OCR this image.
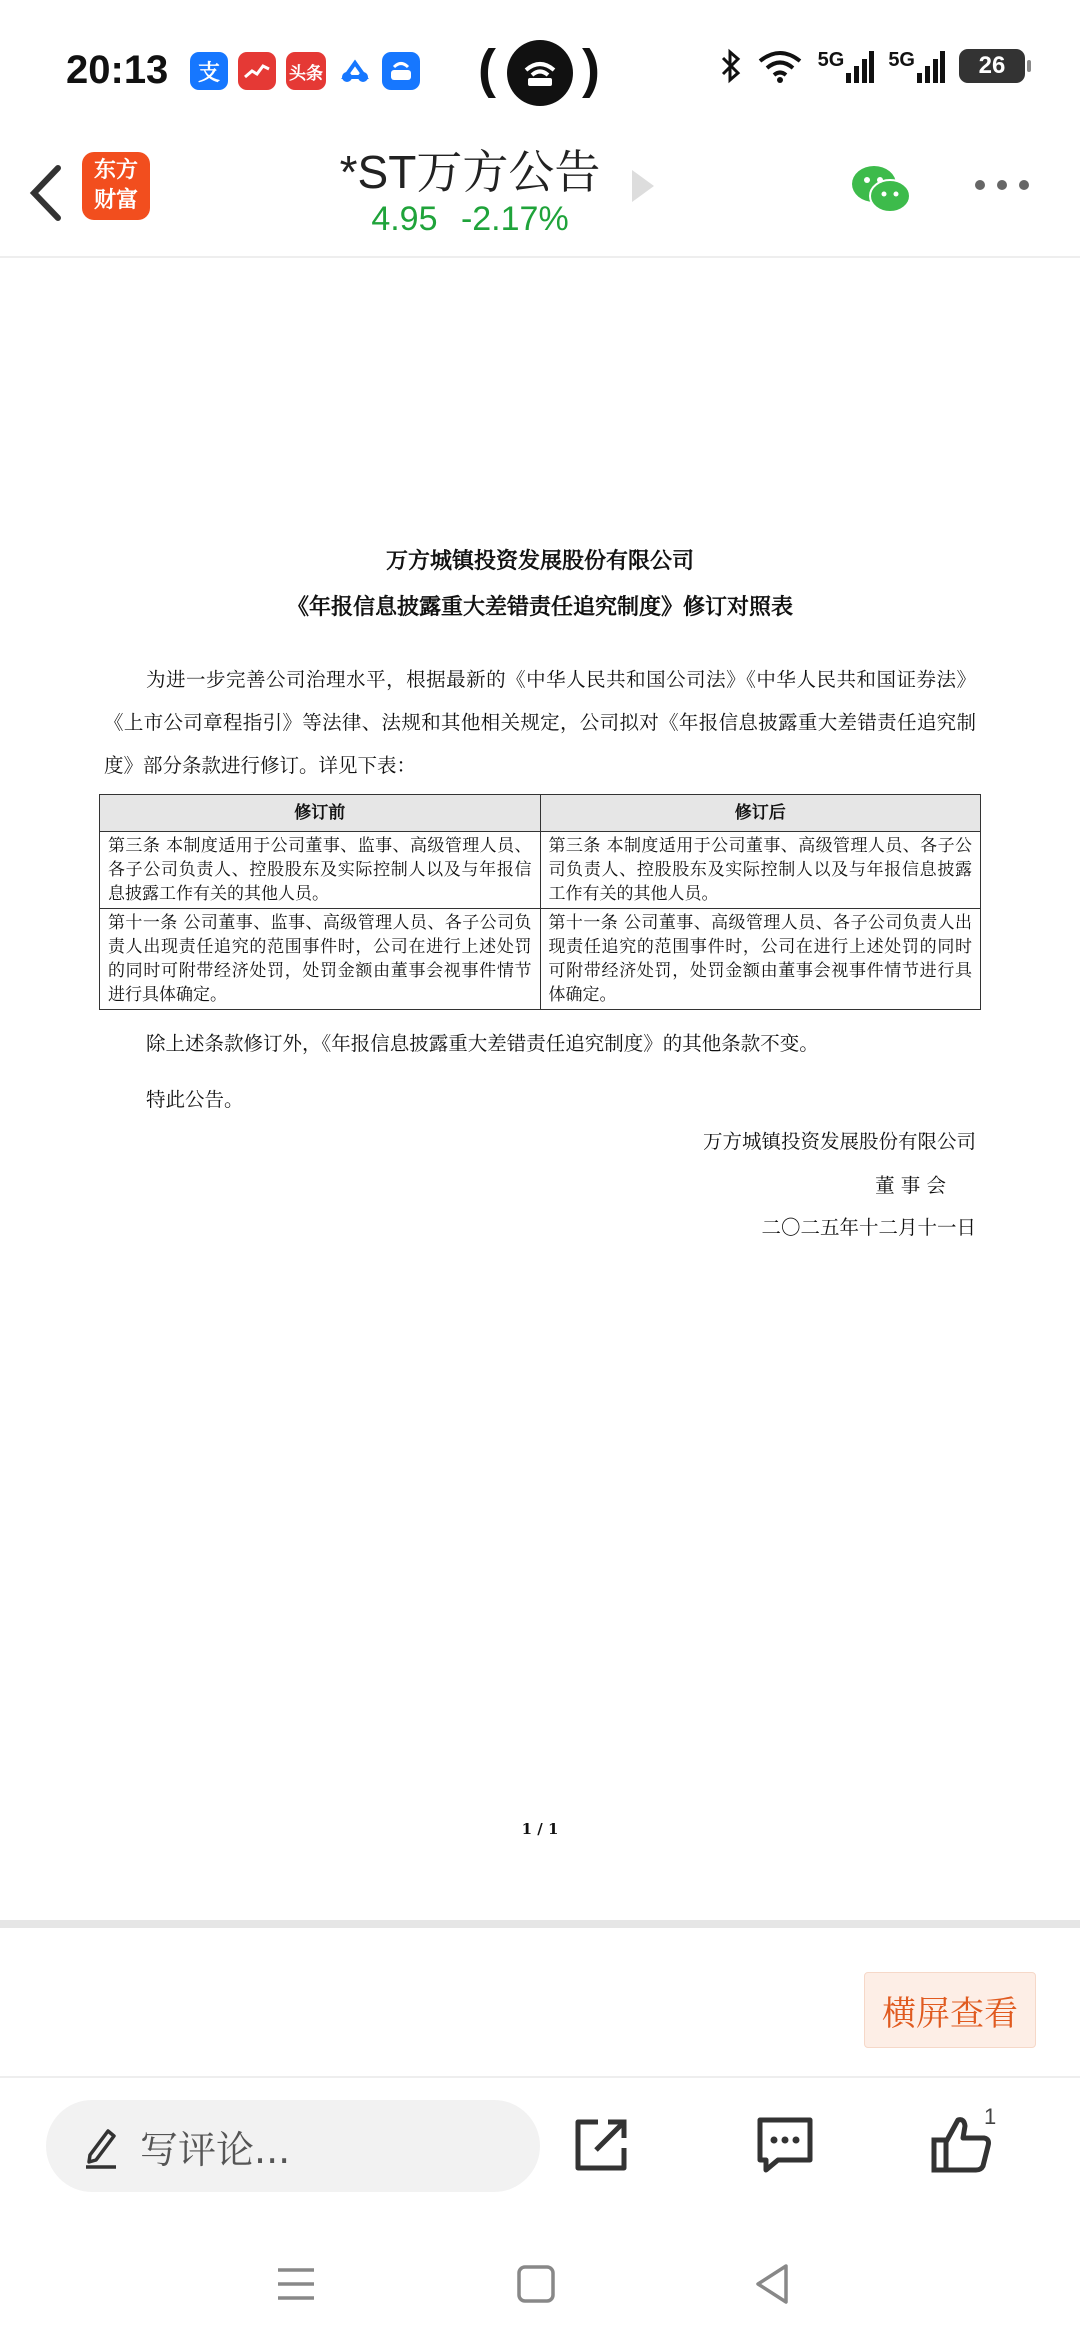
20:13 支	头条	( )	5G 5G	26
东方
财富
*ST万方公告
4.95 -2.17%
万方城镇投资发展股份有限公司
《年报信息披露重大差错责任追究制度》修订对照表
为进一步完善公司治理水平，根据最新的《中华人民共和国公司法》《中华人民共和国证券法》《上市公司章程指引》等法律、法规和其他相关规定，公司拟对《年报信息披露重大差错责任追究制度》部分条款进行修订。详见下表：
修订前	修订后
第三条 本制度适用于公司董事、监事、高级管理人员、各子公司负责人、控股股东及实际控制人以及与年报信息披露工作有关的其他人员。	第三条 本制度适用于公司董事、高级管理人员、各子公司负责人、控股股东及实际控制人以及与年报信息披露工作有关的其他人员。
第十一条 公司董事、监事、高级管理人员、各子公司负责人出现责任追究的范围事件时，公司在进行上述处罚的同时可附带经济处罚，处罚金额由董事会视事件情节进行具体确定。	第十一条 公司董事、高级管理人员、各子公司负责人出现责任追究的范围事件时，公司在进行上述处罚的同时可附带经济处罚，处罚金额由董事会视事件情节进行具体确定。
除上述条款修订外，《年报信息披露重大差错责任追究制度》的其他条款不变。
特此公告。
万方城镇投资发展股份有限公司
董 事 会
二〇二五年十二月十一日
1 / 1
横屏查看
写评论...
1
